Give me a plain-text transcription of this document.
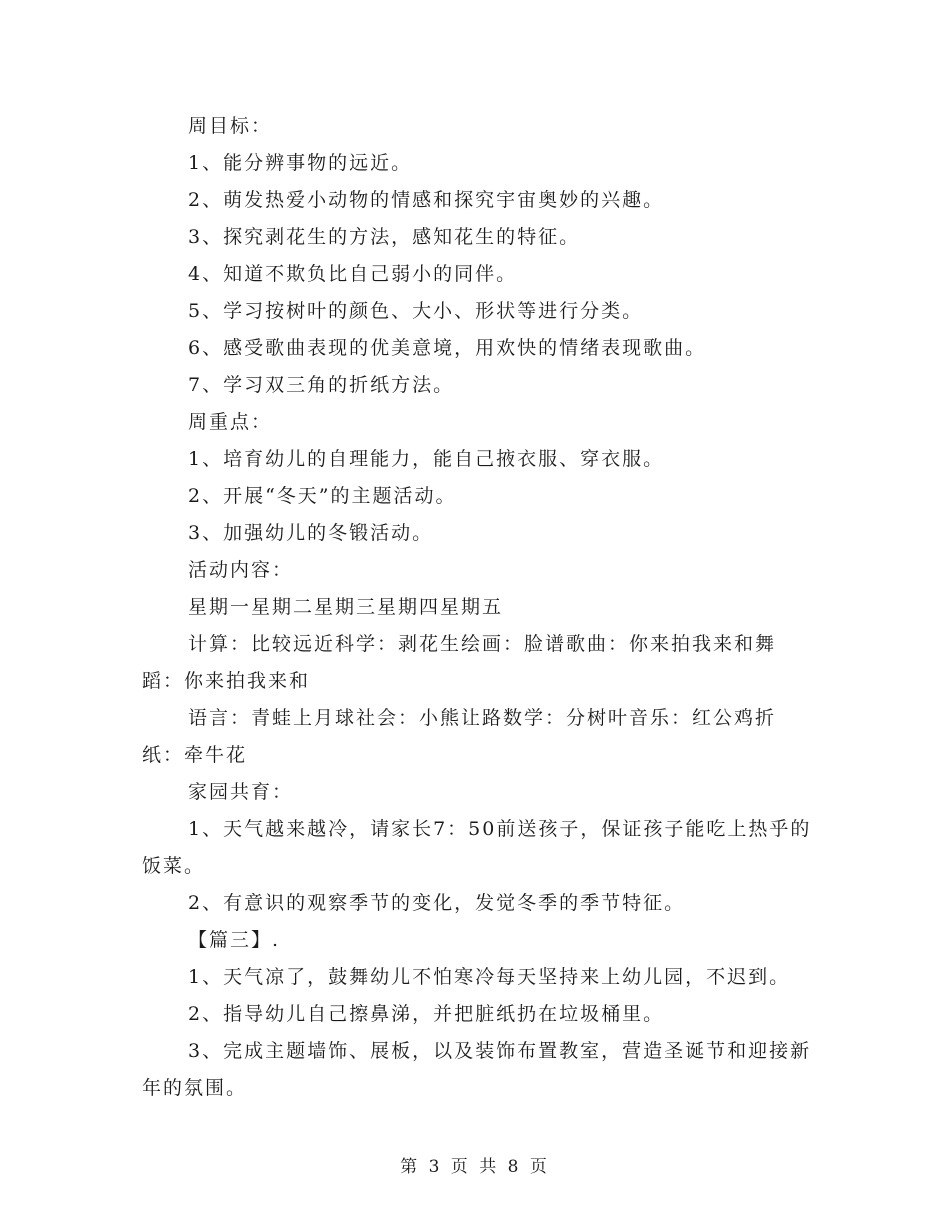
周目标：

1、能分辨事物的远近。

2、萌发热爱小动物的情感和探究宇宙奥妙的兴趣。

3、探究剥花生的方法，感知花生的特征。

4、知道不欺负比自己弱小的同伴。

5、学习按树叶的颜色、大小、形状等进行分类。

6、感受歌曲表现的优美意境，用欢快的情绪表现歌曲。

7、学习双三角的折纸方法。

周重点：

1、培育幼儿的自理能力，能自己掖衣服、穿衣服。

2、开展“冬天”的主题活动。

3、加强幼儿的冬锻活动。

活动内容：

星期一星期二星期三星期四星期五

计算：比较远近科学：剥花生绘画：脸谱歌曲：你来拍我来和舞蹈：你来拍我来和

语言：青蛙上月球社会：小熊让路数学：分树叶音乐：红公鸡折纸：牵牛花

家园共育：

1、天气越来越冷，请家长7：50前送孩子，保证孩子能吃上热乎的饭菜。

2、有意识的观察季节的变化，发觉冬季的季节特征。

【篇三】.

1、天气凉了，鼓舞幼儿不怕寒冷每天坚持来上幼儿园，不迟到。

2、指导幼儿自己擦鼻涕，并把脏纸扔在垃圾桶里。

3、完成主题墙饰、展板，以及装饰布置教室，营造圣诞节和迎接新年的氛围。

第 3 页 共 8 页
